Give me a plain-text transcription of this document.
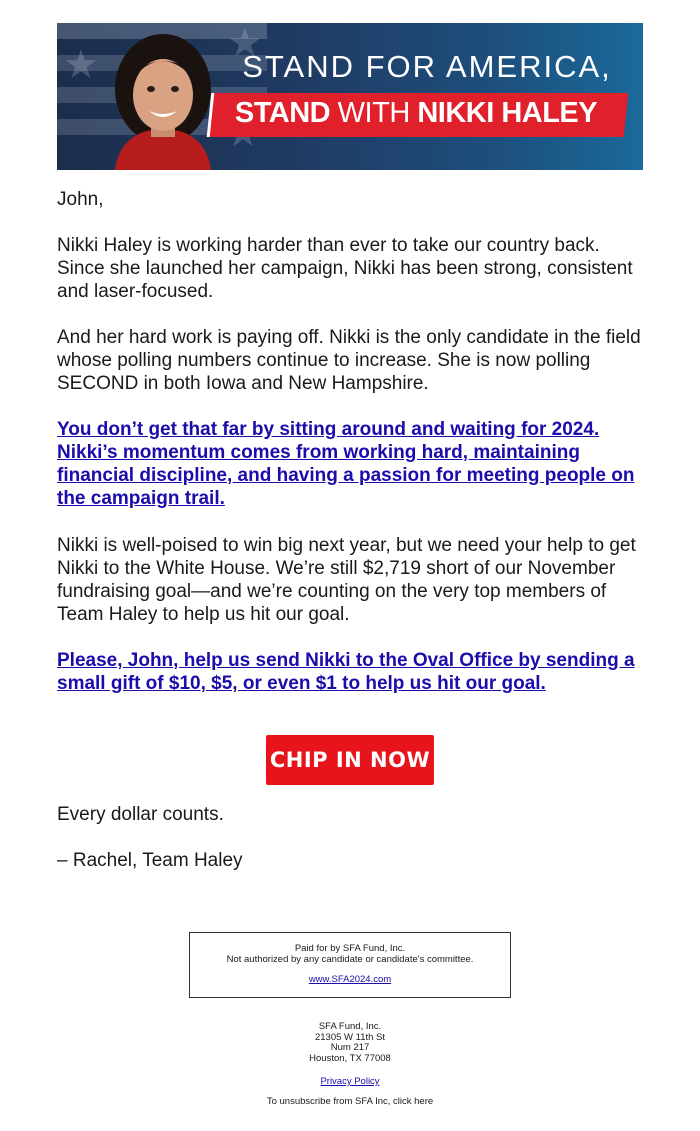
★	★
STAND FOR AMERICA,
STAND WITH NIKKI HALEY

John,

Nikki Haley is working harder than ever to take our country back. Since she launched her campaign, Nikki has been strong, consistent and laser-focused.

And her hard work is paying off. Nikki is the only candidate in the field whose polling numbers continue to increase. She is now polling SECOND in both Iowa and New Hampshire.

You don’t get that far by sitting around and waiting for 2024. Nikki’s momentum comes from working hard, maintaining financial discipline, and having a passion for meeting people on the campaign trail.

Nikki is well-poised to win big next year, but we need your help to get Nikki to the White House. We’re still $2,719 short of our November fundraising goal—and we’re counting on the very top members of Team Haley to help us hit our goal.

Please, John, help us send Nikki to the Oval Office by sending a small gift of $10, $5, or even $1 to help us hit our goal.
CHIP IN NOW

Every dollar counts.

– Rachel, Team Haley

Paid for by SFA Fund, Inc.
Not authorized by any candidate or candidate's committee.
www.SFA2024.com
SFA Fund, Inc.
21305 W 11th St
Num 217
Houston, TX 77008
Privacy Policy
To unsubscribe from SFA Inc, click here
